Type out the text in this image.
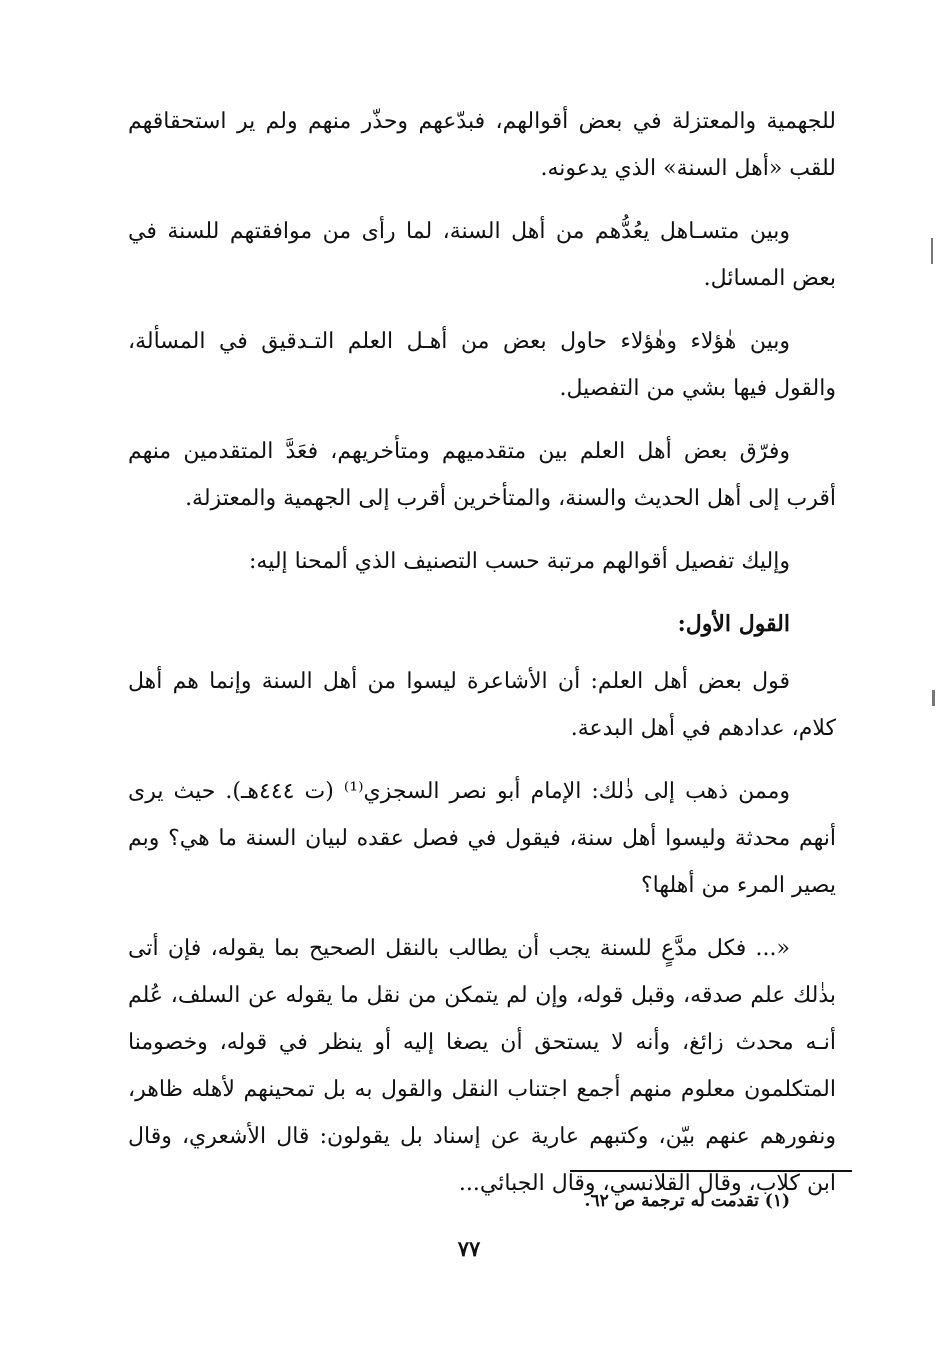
للجهمية والمعتزلة في بعض أقوالهم، فبدّعهم وحذّر منهم ولم ير استحقاقهم للقب «أهل السنة» الذي يدعونه.

وبين متسـاهل يعُدُّهم من أهل السنة، لما رأى من موافقتهم للسنة في بعض المسائل.

وبين هٰؤلاء وهٰؤلاء حاول بعض من أهـل العلم التـدقيق في المسألة، والقول فيها بشي من التفصيل.

وفرّق بعض أهل العلم بين متقدميهم ومتأخريهم، فعَدَّ المتقدمين منهم أقرب إلى أهل الحديث والسنة، والمتأخرين أقرب إلى الجهمية والمعتزلة.

وإليك تفصيل أقوالهم مرتبة حسب التصنيف الذي ألمحنا إليه:

القول الأول:

قول بعض أهل العلم: أن الأشاعرة ليسوا من أهل السنة وإنما هم أهل كلام، عدادهم في أهل البدعة.

وممن ذهب إلى ذٰلك: الإمام أبو نصر السجزي⁽¹⁾ (ت ٤٤٤هـ). حيث يرى أنهم محدثة وليسوا أهل سنة، فيقول في فصل عقده لبيان السنة ما هي؟ وبم يصير المرء من أهلها؟

«... فكل مدَّعٍ للسنة يجب أن يطالب بالنقل الصحيح بما يقوله، فإن أتى بذٰلك علم صدقه، وقبل قوله، وإن لم يتمكن من نقل ما يقوله عن السلف، عُلم أنـه محدث زائغ، وأنه لا يستحق أن يصغا إليه أو ينظر في قوله، وخصومنا المتكلمون معلوم منهم أجمع اجتناب النقل والقول به بل تمحينهم لأهله ظاهر، ونفورهم عنهم بيّن، وكتبهم عارية عن إسناد بل يقولون: قال الأشعري، وقال ابن كلاب، وقال القلانسي، وقال الجبائي...

(١) تقدمت له ترجمة ص ٦٢.
٧٧
